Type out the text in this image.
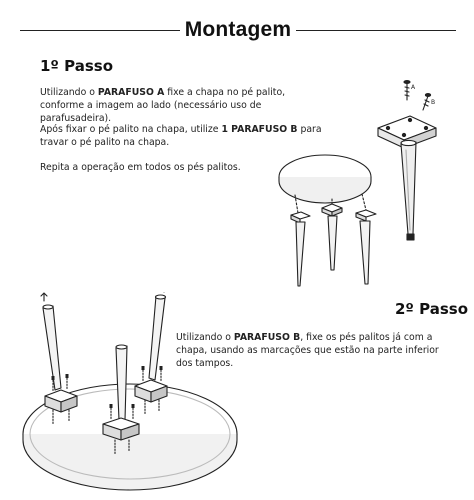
Montagem
1º Passo

Utilizando o PARAFUSO A fixe a chapa no pé palito, conforme a imagem ao lado (necessário uso de parafusadeira).

Após fixar o pé palito na chapa, utilize 1 PARAFUSO B para travar o pé palito na chapa.

Repita a operação em todos os pés palitos.

A
B
2º Passo

Utilizando o PARAFUSO B, fixe os pés palitos já com a chapa, usando as marcações que estão na parte inferior dos tampos.
